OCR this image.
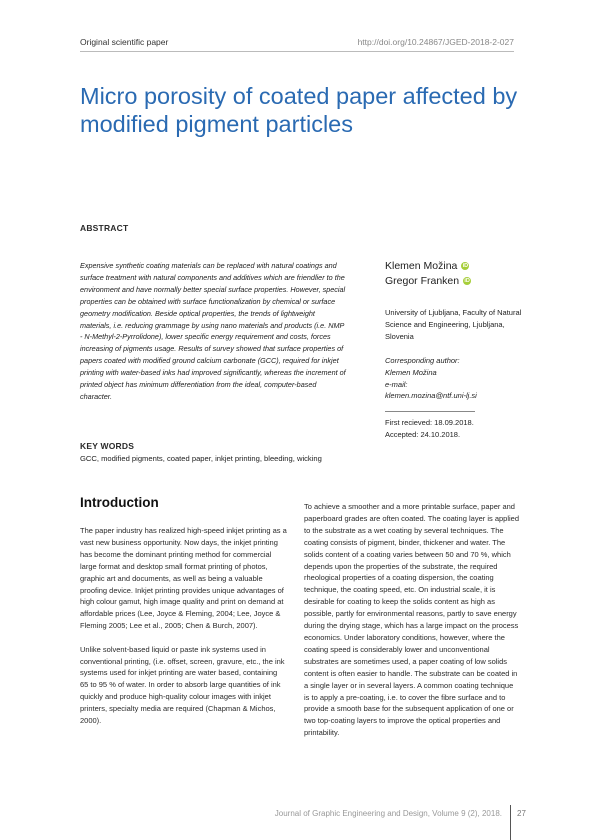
Original scientific paper	http://doi.org/10.24867/JGED-2018-2-027
Micro porosity of coated paper affected by modified pigment particles
ABSTRACT
Expensive synthetic coating materials can be replaced with natural coatings and surface treatment with natural components and additives which are friendlier to the environment and have normally better special surface properties. However, special properties can be obtained with surface functionalization by chemical or surface geometry modification. Beside optical properties, the trends of lightweight materials, i.e. reducing grammage by using nano materials and products (i.e. NMP - N-Methyl-2-Pyrrolidone), lower specific energy requirement and costs, forces increasing of pigments usage. Results of survey showed that surface properties of papers coated with modified ground calcium carbonate (GCC), required for inkjet printing with water-based inks had improved significantly, whereas the increment of printed object has minimum differentiation from the ideal, computer-based character.
KEY WORDS
GCC, modified pigments, coated paper, inkjet printing, bleeding, wicking
Klemen Možina iD
Gregor Franken iD
University of Ljubljana, Faculty of Natural Science and Engineering, Ljubljana, Slovenia
Corresponding author:
Klemen Možina
e-mail:
klemen.mozina@ntf.uni-lj.si
First recieved: 18.09.2018.
Accepted: 24.10.2018.
Introduction

The paper industry has realized high-speed inkjet printing as a vast new business opportunity. Now days, the inkjet printing has become the dominant printing method for commercial large format and desktop small format printing of photos, graphic art and documents, as well as being a valuable proofing device. Inkjet printing provides unique advantages of high colour gamut, high image quality and print on demand at affordable prices (Lee, Joyce & Fleming, 2004; Lee, Joyce & Fleming 2005; Lee et al., 2005; Chen & Burch, 2007).

Unlike solvent-based liquid or paste ink systems used in conventional printing, (i.e. offset, screen, gravure, etc., the ink systems used for inkjet printing are water based, containing 65 to 95 % of water. In order to absorb large quantities of ink quickly and produce high-quality colour images with inkjet printers, specialty media are required (Chapman & Michos, 2000).

To achieve a smoother and a more printable surface, paper and paperboard grades are often coated. The coating layer is applied to the substrate as a wet coating by several techniques. The coating consists of pigment, binder, thickener and water. The solids content of a coating varies between 50 and 70 %, which depends upon the properties of the substrate, the required rheological properties of a coating dispersion, the coating technique, the coating speed, etc. On industrial scale, it is desirable for coating to keep the solids content as high as possible, partly for environmental reasons, partly to save energy during the drying stage, which has a large impact on the process economics. Under laboratory conditions, however, where the coating speed is considerably lower and unconventional substrates are sometimes used, a paper coating of low solids content is often easier to handle. The substrate can be coated in a single layer or in several layers. A common coating technique is to apply a pre-coating, i.e. to cover the fibre surface and to provide a smooth base for the subsequent application of one or two top-coating layers to improve the optical properties and printability.

Journal of Graphic Engineering and Design, Volume 9 (2), 2018. 27
